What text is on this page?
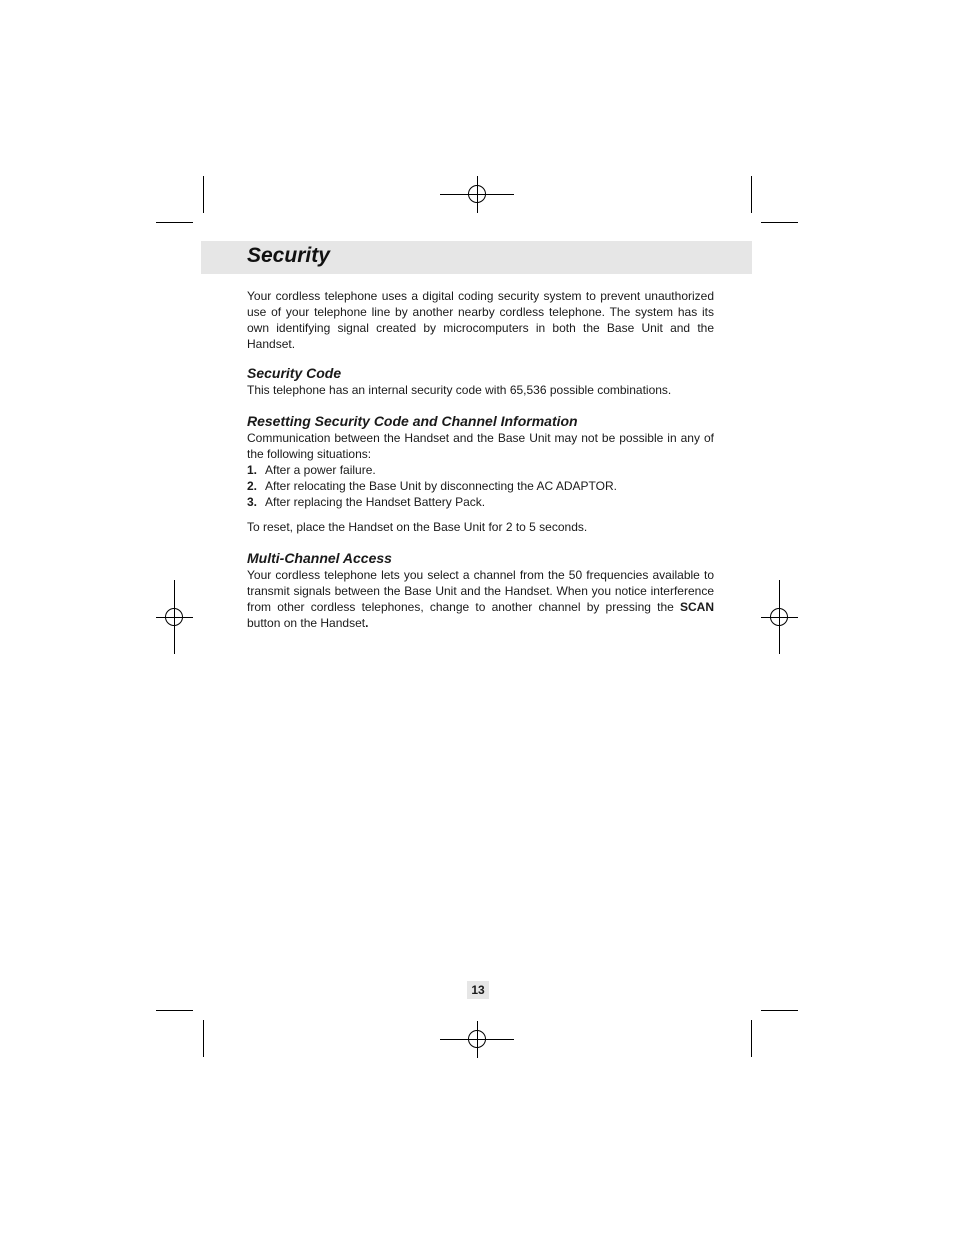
Security

Your cordless telephone uses a digital coding security system to prevent unauthorized use of your telephone line by another nearby cordless telephone. The system has its own identifying signal created by microcomputers in both the Base Unit and the Handset.

Security Code

This telephone has an internal security code with 65,536 possible combinations.

Resetting Security Code and Channel Information

Communication between the Handset and the Base Unit may not be possible in any of the following situations:

1. After a power failure.
2. After relocating the Base Unit by disconnecting the AC ADAPTOR.
3. After replacing the Handset Battery Pack.

To reset, place the Handset on the Base Unit for 2 to 5 seconds.

Multi-Channel Access

Your cordless telephone lets you select a channel from the 50 frequencies available to transmit signals between the Base Unit and the Handset. When you notice interference from other cordless telephones, change to another channel by pressing the SCAN button on the Handset.

13
